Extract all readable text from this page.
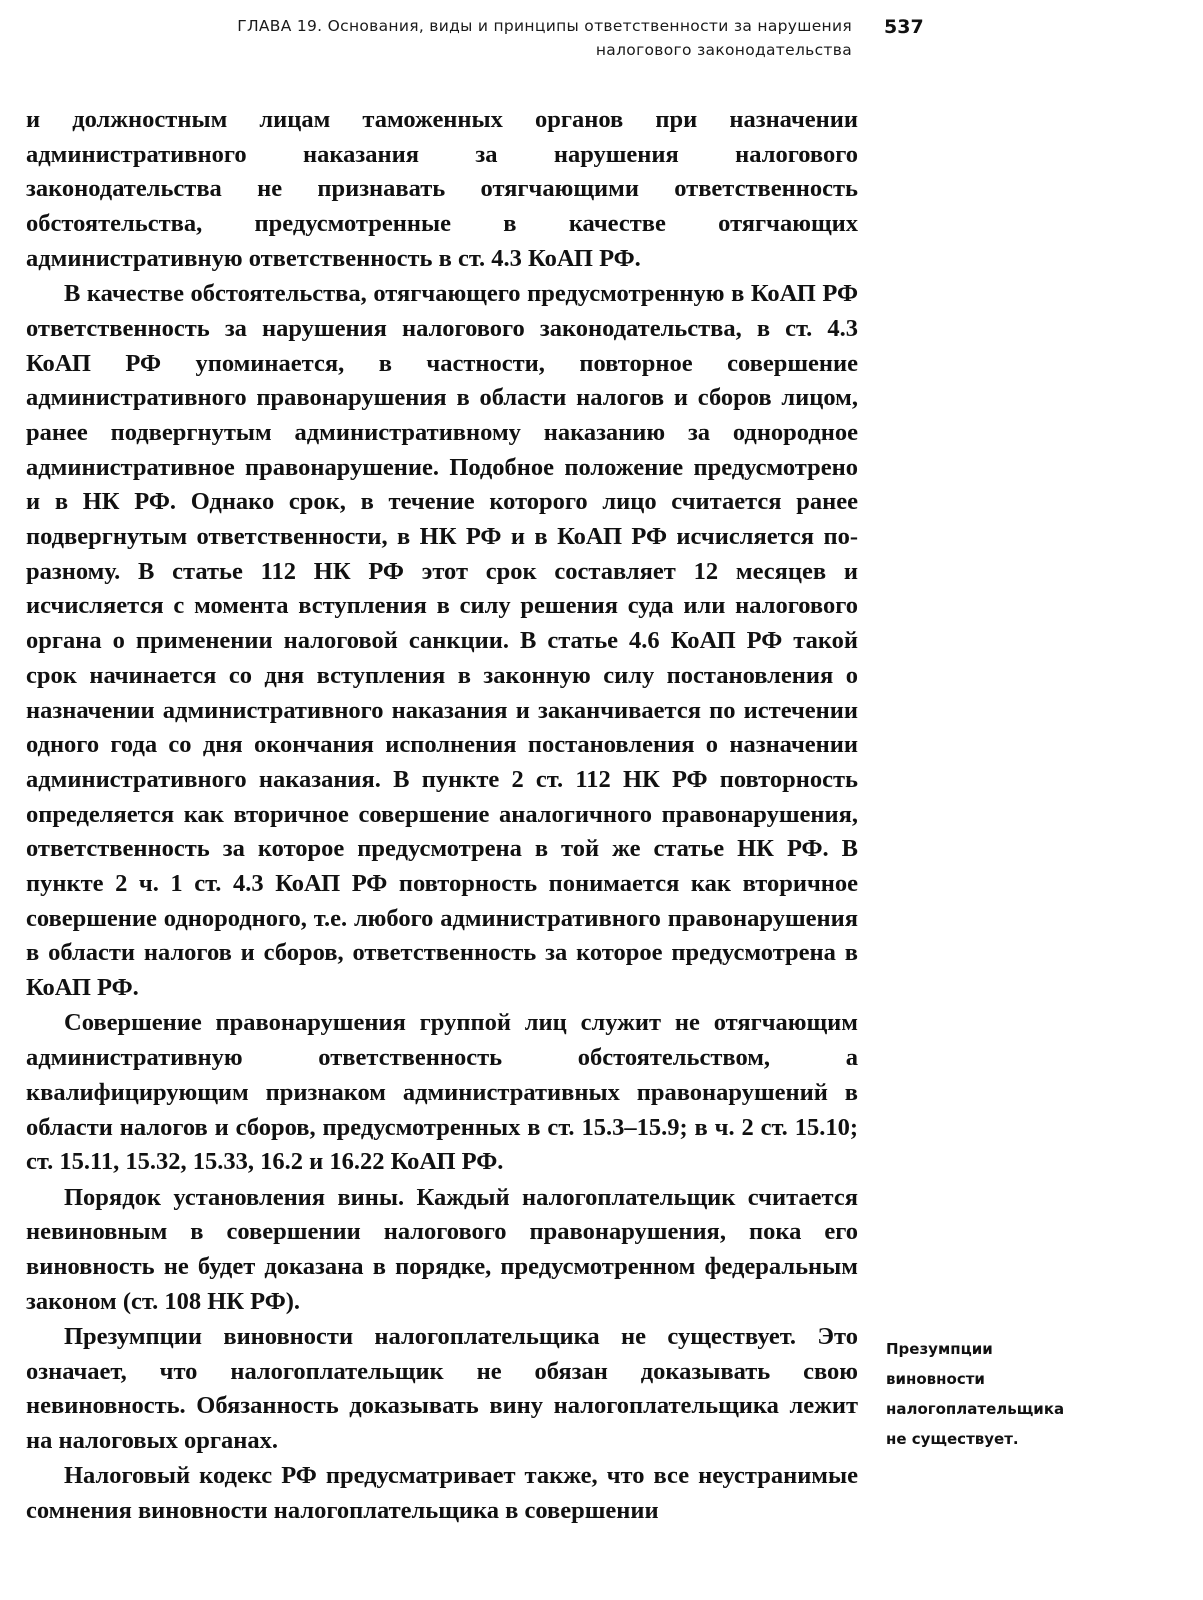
ГЛАВА 19. Основания, виды и принципы ответственности за нарушения
налогового законодательства
537

и должностным лицам таможенных органов при назначении административного наказания за нарушения налогового законодательства не признавать отягчающими ответственность обстоятельства, предусмотренные в качестве отягчающих административную ответственность в ст. 4.3 КоАП РФ.

В качестве обстоятельства, отягчающего предусмотренную в КоАП РФ ответственность за нарушения налогового законодательства, в ст. 4.3 КоАП РФ упоминается, в частности, повторное совершение административного правонарушения в области налогов и сборов лицом, ранее подвергнутым административному наказанию за однородное административное правонарушение. Подобное положение предусмотрено и в НК РФ. Однако срок, в течение которого лицо считается ранее подвергнутым ответственности, в НК РФ и в КоАП РФ исчисляется по-разному. В статье 112 НК РФ этот срок составляет 12 месяцев и исчисляется с момента вступления в силу решения суда или налогового органа о применении налоговой санкции. В статье 4.6 КоАП РФ такой срок начинается со дня вступления в законную силу постановления о назначении административного наказания и заканчивается по истечении одного года со дня окончания исполнения постановления о назначении административного наказания. В пункте 2 ст. 112 НК РФ повторность определяется как вторичное совершение аналогичного правонарушения, ответственность за которое предусмотрена в той же статье НК РФ. В пункте 2 ч. 1 ст. 4.3 КоАП РФ повторность понимается как вторичное совершение однородного, т.е. любого административного правонарушения в области налогов и сборов, ответственность за которое предусмотрена в КоАП РФ.

Совершение правонарушения группой лиц служит не отягчающим административную ответственность обстоятельством, а квалифицирующим признаком административных правонарушений в области налогов и сборов, предусмотренных в ст. 15.3–15.9; в ч. 2 ст. 15.10; ст. 15.11, 15.32, 15.33, 16.2 и 16.22 КоАП РФ.

Порядок установления вины. Каждый налогоплательщик считается невиновным в совершении налогового правонарушения, пока его виновность не будет доказана в порядке, предусмотренном федеральным законом (ст. 108 НК РФ).

Презумпции виновности налогоплательщика не существует. Это означает, что налогоплательщик не обязан доказывать свою невиновность. Обязанность доказывать вину налогоплательщика лежит на налоговых органах.

Налоговый кодекс РФ предусматривает также, что все неустранимые сомнения виновности налогоплательщика в совершении

Презумпции
виновности
налогоплательщика
не существует.
